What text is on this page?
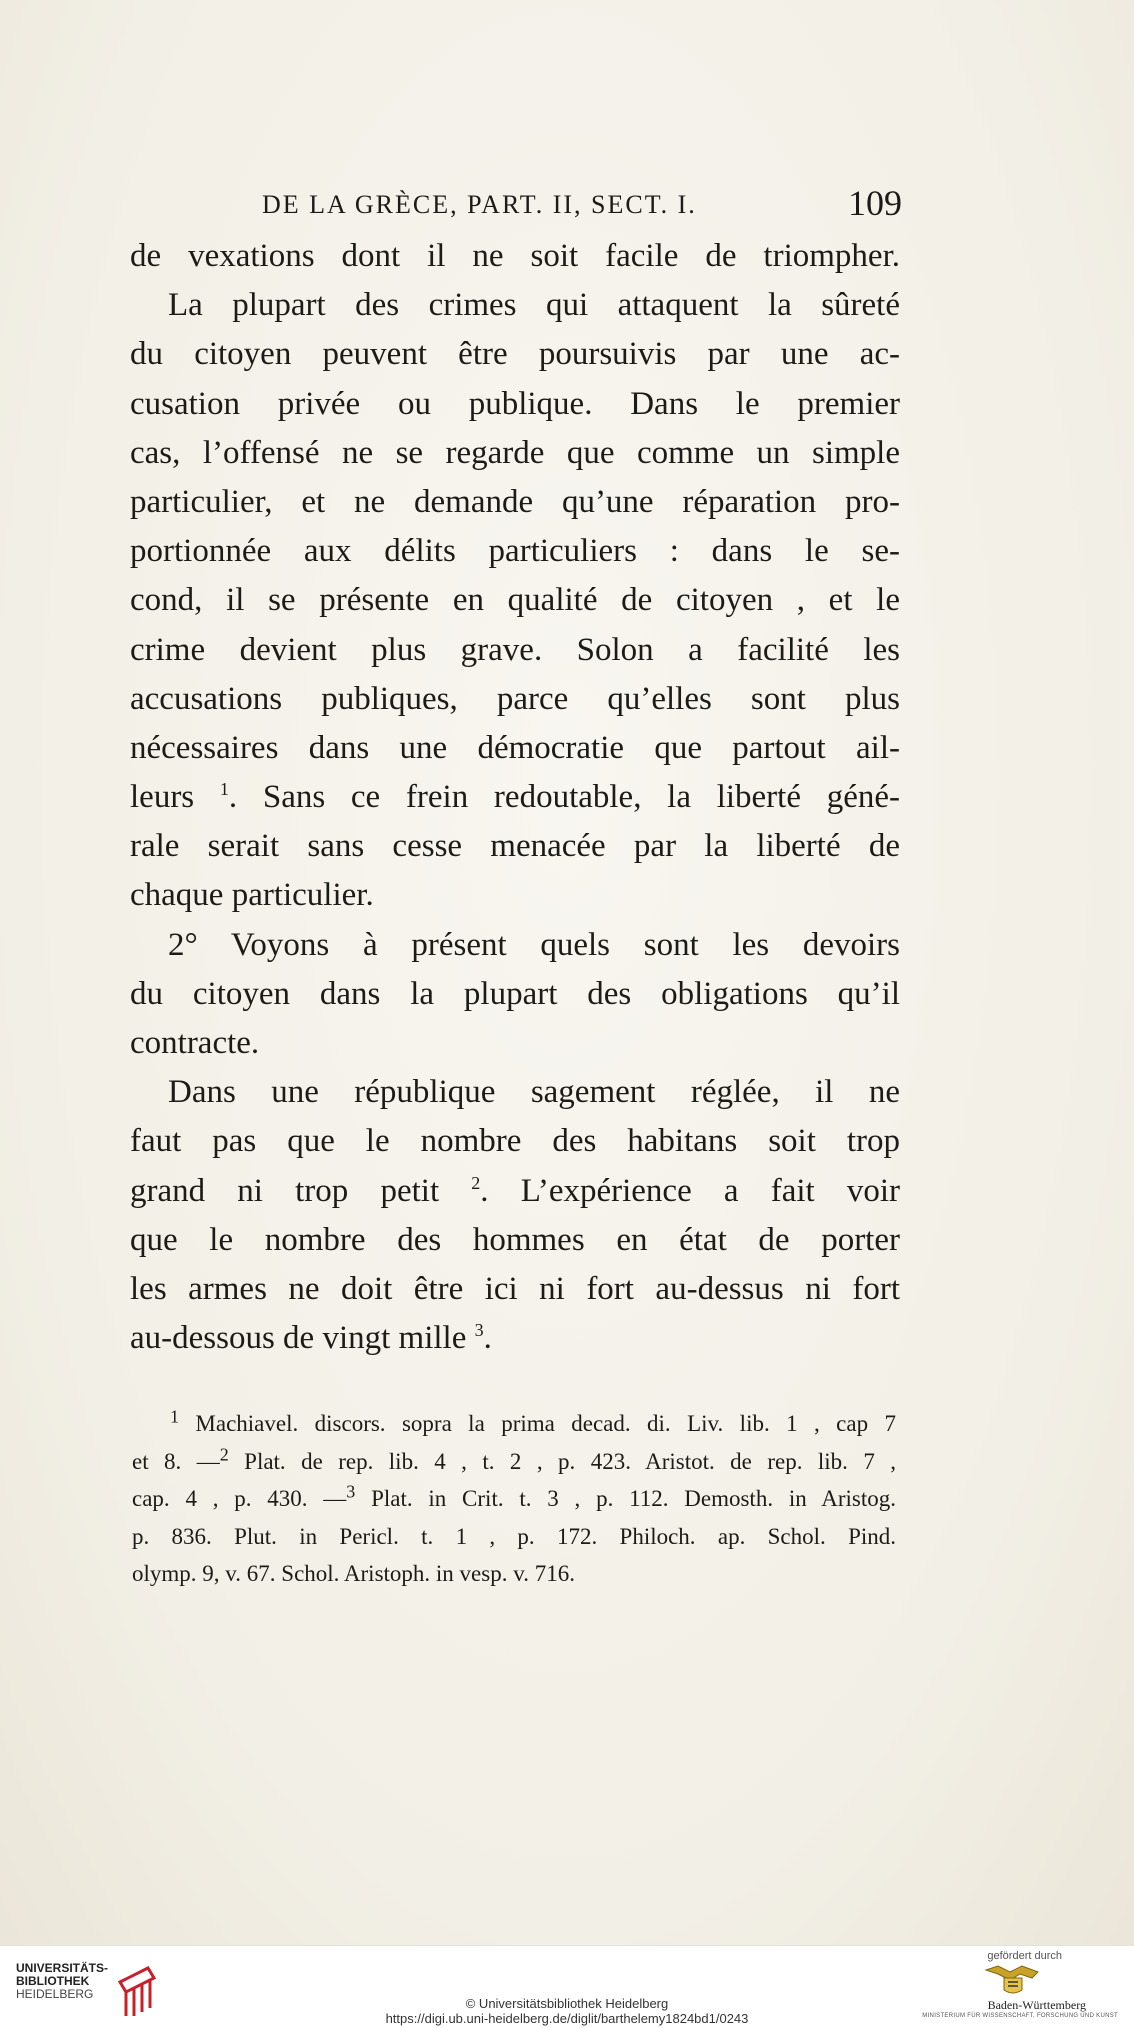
DE LA GRÈCE, PART. II, SECT. I.	109
de vexations dont il ne soit facile de triompher.
La plupart des crimes qui attaquent la sûreté
du citoyen peuvent être poursuivis par une ac-
cusation privée ou publique. Dans le premier
cas, l’offensé ne se regarde que comme un simple
particulier, et ne demande qu’une réparation pro-
portionnée aux délits particuliers : dans le se-
cond, il se présente en qualité de citoyen , et le
crime devient plus grave. Solon a facilité les
accusations publiques, parce qu’elles sont plus
nécessaires dans une démocratie que partout ail-
leurs $^1$. Sans ce frein redoutable, la liberté géné-
rale serait sans cesse menacée par la liberté de
chaque particulier.
2° Voyons à présent quels sont les devoirs
du citoyen dans la plupart des obligations qu’il
contracte.
Dans une république sagement réglée, il ne
faut pas que le nombre des habitans soit trop
grand ni trop petit $^2$. L’expérience a fait voir
que le nombre des hommes en état de porter
les armes ne doit être ici ni fort au-dessus ni fort
au-dessous de vingt mille $^3$.
$^1$ Machiavel. discors. sopra la prima decad. di. Liv. lib. 1 , cap 7
et 8. —$^2$ Plat. de rep. lib. 4 , t. 2 , p. 423. Aristot. de rep. lib. 7 ,
cap. 4 , p. 430. —$^3$ Plat. in Crit. t. 3 , p. 112. Demosth. in Aristog.
p. 836. Plut. in Pericl. t. 1 , p. 172. Philoch. ap. Schol. Pind.
olymp. 9, v. 67. Schol. Aristoph. in vesp. v. 716.
UNIVERSITÄTS-
BIBLIOTHEK
HEIDELBERG
© Universitätsbibliothek Heidelberg
https://digi.ub.uni-heidelberg.de/diglit/barthelemy1824bd1/0243
gefördert durch
Baden-Württemberg
MINISTERIUM FÜR WISSENSCHAFT, FORSCHUNG UND KUNST
